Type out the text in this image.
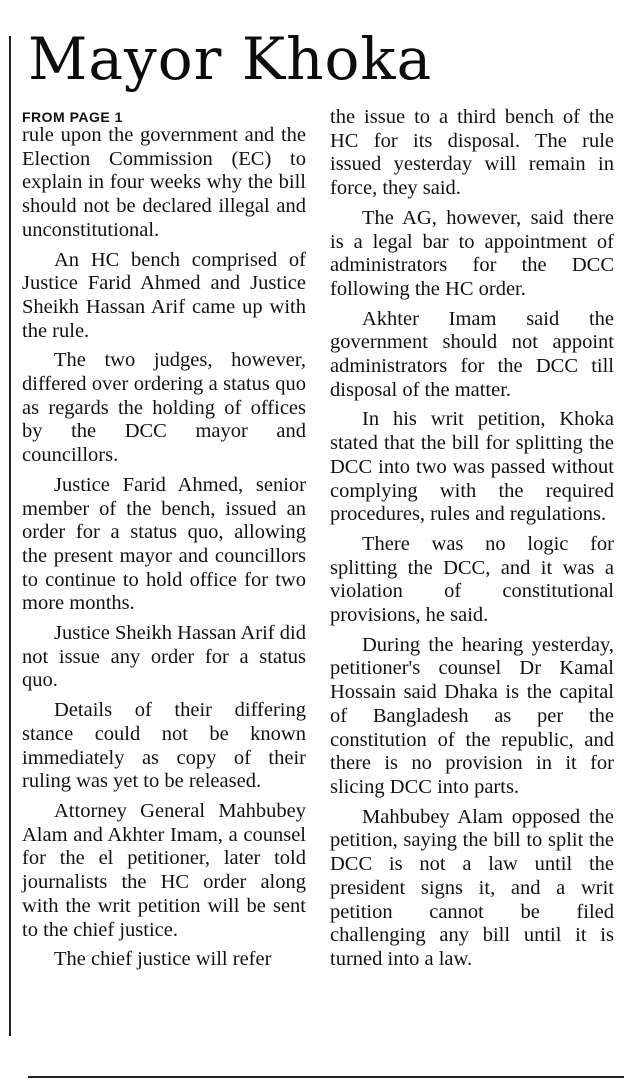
Mayor Khoka
FROM PAGE 1

rule upon the government and the Election Commission (EC) to explain in four weeks why the bill should not be declared illegal and unconstitutional.

An HC bench comprised of Justice Farid Ahmed and Justice Sheikh Hassan Arif came up with the rule.

The two judges, however, differed over ordering a status quo as regards the holding of offices by the DCC mayor and councillors.

Justice Farid Ahmed, senior member of the bench, issued an order for a status quo, allowing the present mayor and councillors to continue to hold office for two more months.

Justice Sheikh Hassan Arif did not issue any order for a status quo.

Details of their differing stance could not be known immediately as copy of their ruling was yet to be released.

Attorney General Mahbubey Alam and Akhter Imam, a counsel for the el petitioner, later told journalists the HC order along with the writ petition will be sent to the chief justice.

The chief justice will refer

the issue to a third bench of the HC for its disposal. The rule issued yesterday will remain in force, they said.

The AG, however, said there is a legal bar to appointment of administrators for the DCC following the HC order.

Akhter Imam said the government should not appoint administrators for the DCC till disposal of the matter.

In his writ petition, Khoka stated that the bill for splitting the DCC into two was passed without complying with the required procedures, rules and regulations.

There was no logic for splitting the DCC, and it was a violation of constitutional provisions, he said.

During the hearing yesterday, petitioner's counsel Dr Kamal Hossain said Dhaka is the capital of Bangladesh as per the constitution of the republic, and there is no provision in it for slicing DCC into parts.

Mahbubey Alam opposed the petition, saying the bill to split the DCC is not a law until the president signs it, and a writ petition cannot be filed challenging any bill until it is turned into a law.
